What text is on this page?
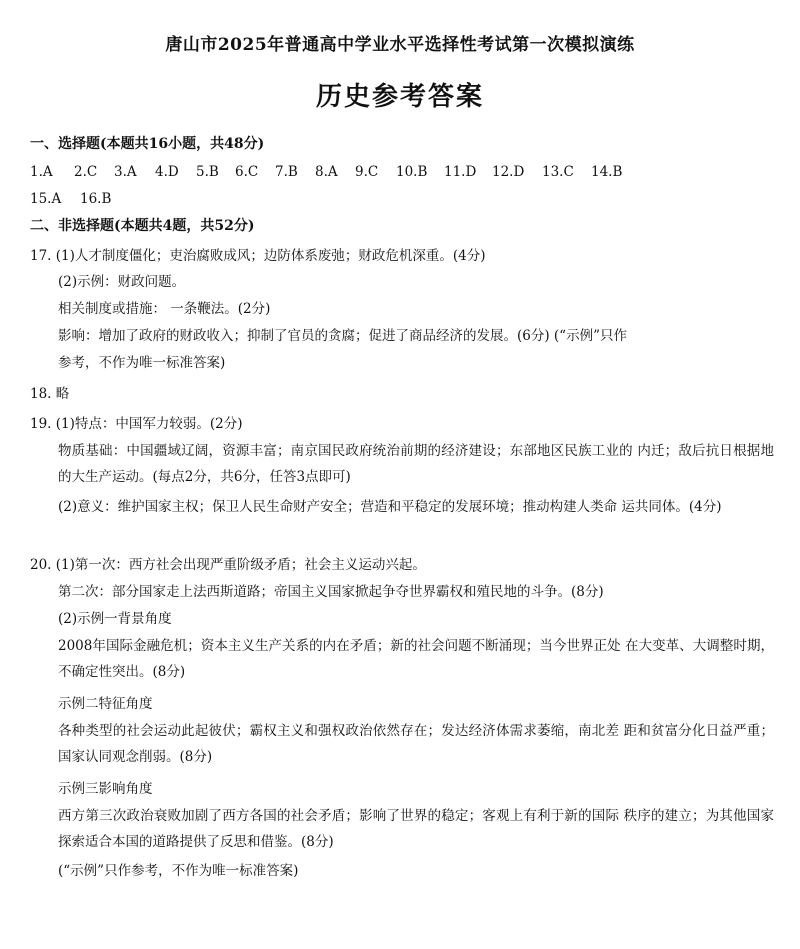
唐山市2025年普通高中学业水平选择性考试第一次模拟演练
历史参考答案
一、选择题(本题共16小题，共48分)
1.A 2.C 3.A 4.D 5.B 6.C 7.B 8.A 9.C 10.B 11.D 12.D 13.C 14.B
15.A 16.B
二、非选择题(本题共4题，共52分)
17. (1)人才制度僵化；吏治腐败成风；边防体系废弛；财政危机深重。(4分)
(2)示例：财政问题。
相关制度或措施： 一条鞭法。(2分)
影响：增加了政府的财政收入；抑制了官员的贪腐；促进了商品经济的发展。(6分) (“示例”只作
参考，不作为唯一标准答案)
18. 略
19. (1)特点：中国军力较弱。(2分)
物质基础：中国疆域辽阔，资源丰富；南京国民政府统治前期的经济建设；东部地区民族工业的 内迁；敌后抗日根据地的大生产运动。(每点2分，共6分，任答3点即可)
(2)意义：维护国家主权；保卫人民生命财产安全；营造和平稳定的发展环境；推动构建人类命 运共同体。(4分)
20. (1)第一次：西方社会出现严重阶级矛盾；社会主义运动兴起。
第二次：部分国家走上法西斯道路；帝国主义国家掀起争夺世界霸权和殖民地的斗争。(8分)
(2)示例一背景角度
2008年国际金融危机；资本主义生产关系的内在矛盾；新的社会问题不断涌现；当今世界正处 在大变革、大调整时期，不确定性突出。(8分)
示例二特征角度
各种类型的社会运动此起彼伏；霸权主义和强权政治依然存在；发达经济体需求萎缩，南北差 距和贫富分化日益严重；国家认同观念削弱。(8分)
示例三影响角度
西方第三次政治衰败加剧了西方各国的社会矛盾；影响了世界的稳定；客观上有利于新的国际 秩序的建立；为其他国家探索适合本国的道路提供了反思和借鉴。(8分)
(“示例”只作参考，不作为唯一标准答案)
